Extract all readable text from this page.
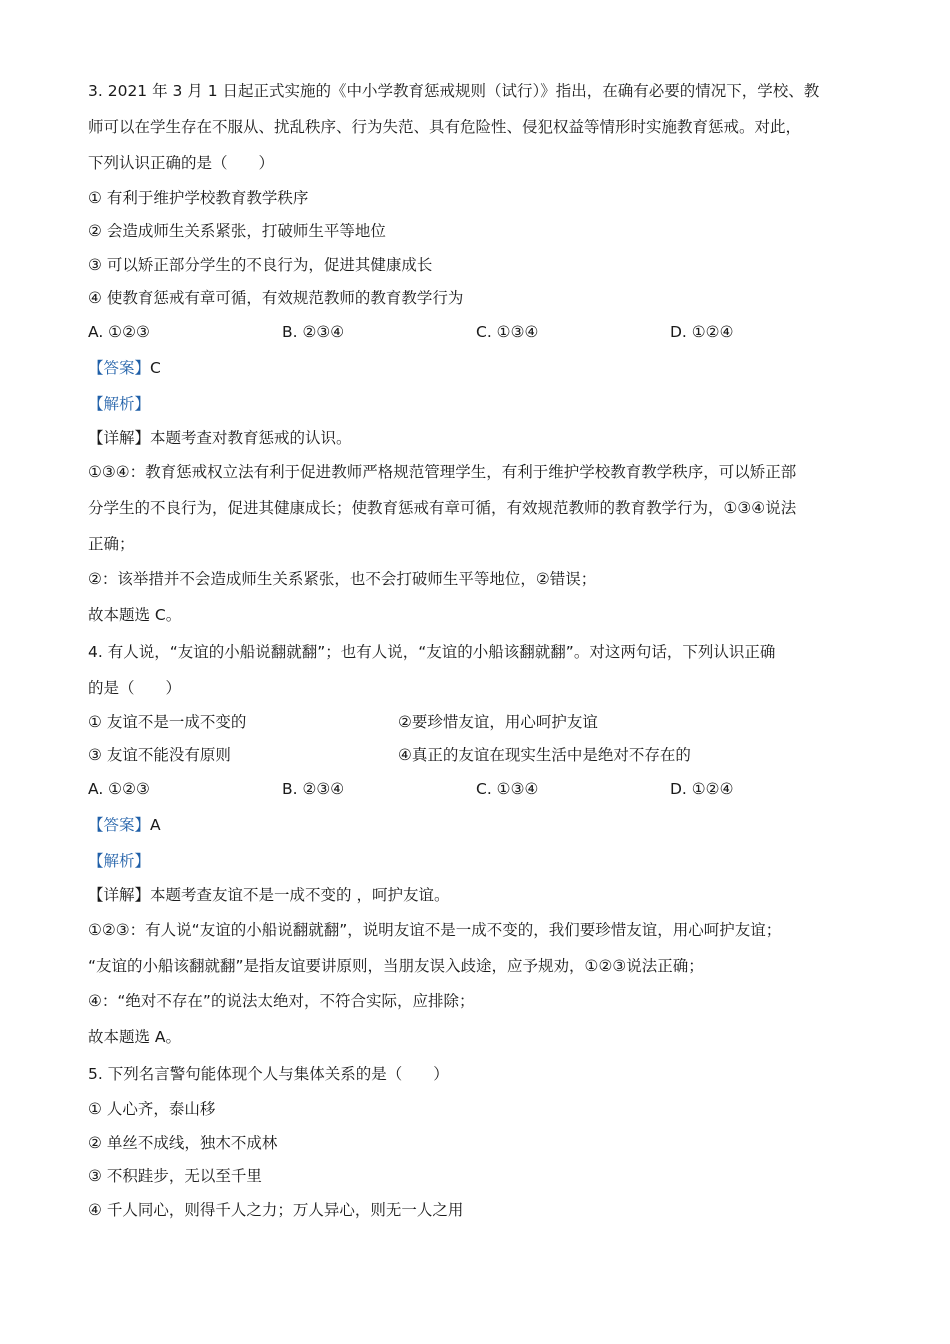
3. 2021 年 3 月 1 日起正式实施的《中小学教育惩戒规则（试行）》指出，在确有必要的情况下，学校、教
师可以在学生存在不服从、扰乱秩序、行为失范、具有危险性、侵犯权益等情形时实施教育惩戒。对此，
下列认识正确的是（　　）
① 有利于维护学校教育教学秩序
② 会造成师生关系紧张，打破师生平等地位
③ 可以矫正部分学生的不良行为，促进其健康成长
④ 使教育惩戒有章可循，有效规范教师的教育教学行为
A. ①②③	B. ②③④	C. ①③④	D. ①②④
【答案】C
【解析】
【详解】本题考查对教育惩戒的认识。
①③④：教育惩戒权立法有利于促进教师严格规范管理学生，有利于维护学校教育教学秩序，可以矫正部
分学生的不良行为，促进其健康成长；使教育惩戒有章可循，有效规范教师的教育教学行为，①③④说法
正确；
②：该举措并不会造成师生关系紧张，也不会打破师生平等地位，②错误；
故本题选 C。
4. 有人说，“友谊的小船说翻就翻”；也有人说，“友谊的小船该翻就翻”。对这两句话，下列认识正确
的是（　　）
① 友谊不是一成不变的	②要珍惜友谊，用心呵护友谊
③ 友谊不能没有原则	④真正的友谊在现实生活中是绝对不存在的
A. ①②③	B. ②③④	C. ①③④	D. ①②④
【答案】A
【解析】
【详解】本题考查友谊不是一成不变的 ，呵护友谊。
①②③：有人说“友谊的小船说翻就翻”，说明友谊不是一成不变的，我们要珍惜友谊，用心呵护友谊；
“友谊的小船该翻就翻”是指友谊要讲原则，当朋友误入歧途，应予规劝，①②③说法正确；
④：“绝对不存在”的说法太绝对，不符合实际，应排除；
故本题选 A。
5. 下列名言警句能体现个人与集体关系的是（　　）
① 人心齐，泰山移
② 单丝不成线，独木不成林
③ 不积跬步，无以至千里
④ 千人同心，则得千人之力；万人异心，则无一人之用
